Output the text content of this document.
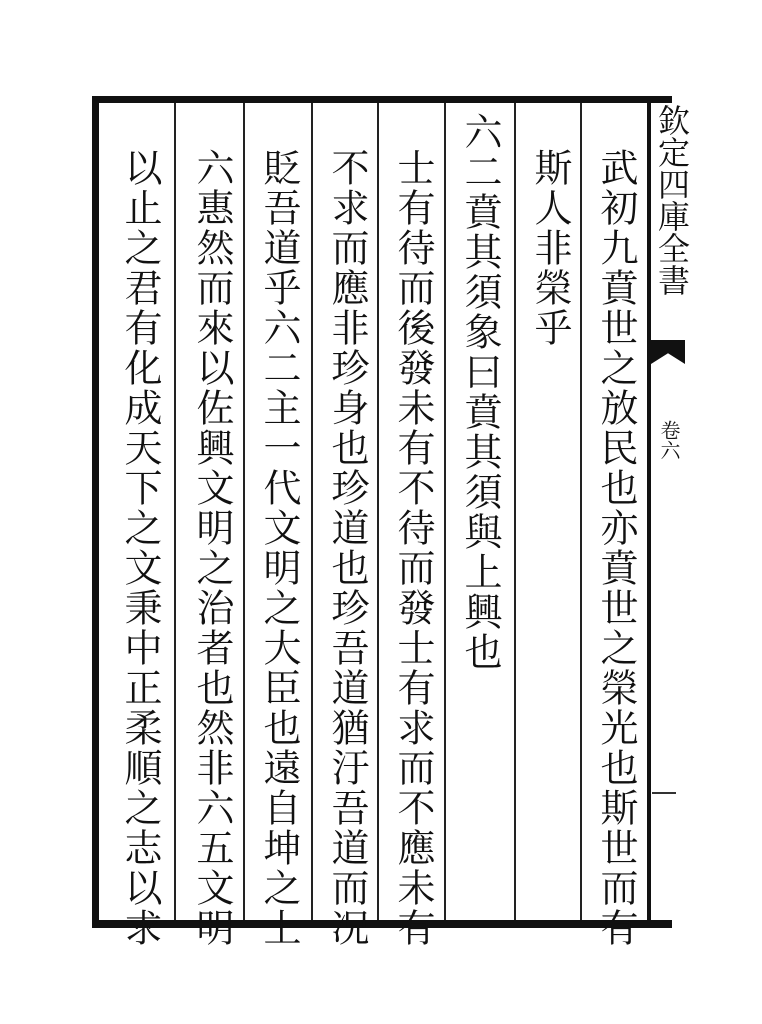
武初九賁世之放民也亦賁世之榮光也斯世而有
斯人非榮乎
六二賁其須象曰賁其須與上興也
士有待而後發未有不待而發士有求而不應未有
不求而應非珍身也珍道也珍吾道猶汙吾道而况
貶吾道乎六二主一代文明之大臣也遠自坤之上
六惠然而來以佐興文明之治者也然非六五文明
以止之君有化成天下之文秉中正柔順之志以求	欽定四庫全書
卷六
